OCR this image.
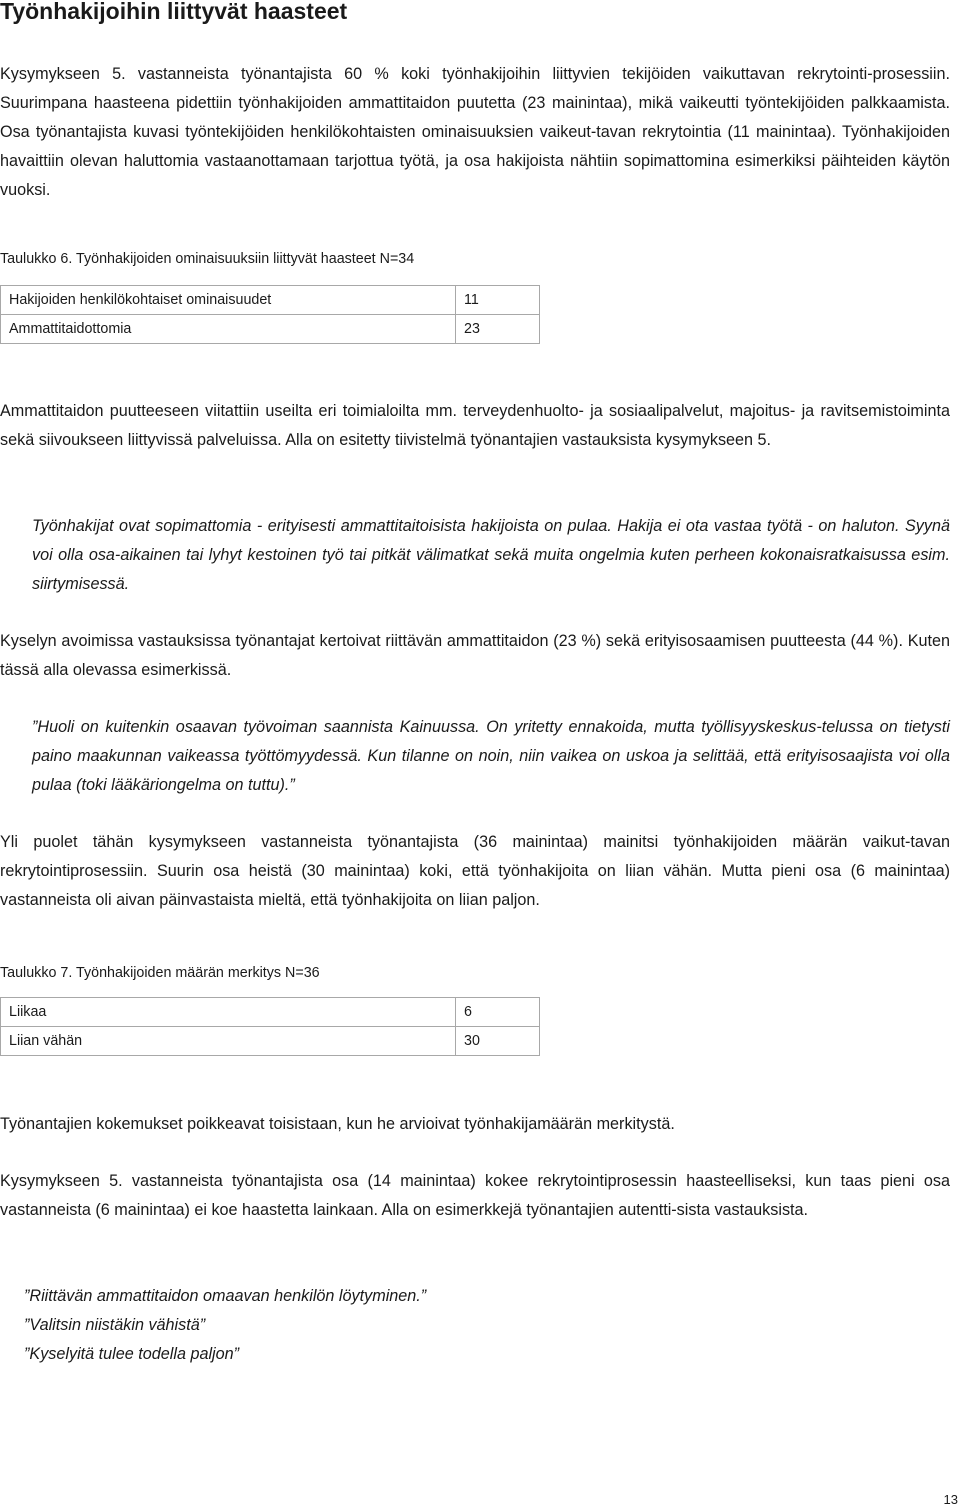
Työnhakijoihin liittyvät haasteet

Kysymykseen 5. vastanneista työnantajista 60 % koki työnhakijoihin liittyvien tekijöiden vaikuttavan rekrytointi-prosessiin. Suurimpana haasteena pidettiin työnhakijoiden ammattitaidon puutetta (23 mainintaa), mikä vaikeutti työntekijöiden palkkaamista. Osa työnantajista kuvasi työntekijöiden henkilökohtaisten ominaisuuksien vaikeut-tavan rekrytointia (11 mainintaa). Työnhakijoiden havaittiin olevan haluttomia vastaanottamaan tarjottua työtä, ja osa hakijoista nähtiin sopimattomina esimerkiksi päihteiden käytön vuoksi.

Taulukko 6. Työnhakijoiden ominaisuuksiin liittyvät haasteet N=34
Hakijoiden henkilökohtaiset ominaisuudet	11
Ammattitaidottomia	23

Ammattitaidon puutteeseen viitattiin useilta eri toimialoilta mm. terveydenhuolto- ja sosiaalipalvelut, majoitus- ja ravitsemistoiminta sekä siivoukseen liittyvissä palveluissa. Alla on esitetty tiivistelmä työnantajien vastauksista kysymykseen 5.

Työnhakijat ovat sopimattomia - erityisesti ammattitaitoisista hakijoista on pulaa. Hakija ei ota vastaa työtä - on haluton. Syynä voi olla osa-aikainen tai lyhyt kestoinen työ tai pitkät välimatkat sekä muita ongelmia kuten perheen kokonaisratkaisussa esim. siirtymisessä.

Kyselyn avoimissa vastauksissa työnantajat kertoivat riittävän ammattitaidon (23 %) sekä erityisosaamisen puutteesta (44 %). Kuten tässä alla olevassa esimerkissä.

”Huoli on kuitenkin osaavan työvoiman saannista Kainuussa. On yritetty ennakoida, mutta työllisyyskeskus-telussa on tietysti paino maakunnan vaikeassa työttömyydessä. Kun tilanne on noin, niin vaikea on uskoa ja selittää, että erityisosaajista voi olla pulaa (toki lääkäriongelma on tuttu).”

Yli puolet tähän kysymykseen vastanneista työnantajista (36 mainintaa) mainitsi työnhakijoiden määrän vaikut-tavan rekrytointiprosessiin. Suurin osa heistä (30 mainintaa) koki, että työnhakijoita on liian vähän. Mutta pieni osa (6 mainintaa) vastanneista oli aivan päinvastaista mieltä, että työnhakijoita on liian paljon.

Taulukko 7. Työnhakijoiden määrän merkitys N=36
Liikaa	6
Liian vähän	30

Työnantajien kokemukset poikkeavat toisistaan, kun he arvioivat työnhakijamäärän merkitystä.

Kysymykseen 5. vastanneista työnantajista osa (14 mainintaa) kokee rekrytointiprosessin haasteelliseksi, kun taas pieni osa vastanneista (6 mainintaa) ei koe haastetta lainkaan. Alla on esimerkkejä työnantajien autentti-sista vastauksista.

”Riittävän ammattitaidon omaavan henkilön löytyminen.”
”Valitsin niistäkin vähistä”
”Kyselyitä tulee todella paljon”
13
